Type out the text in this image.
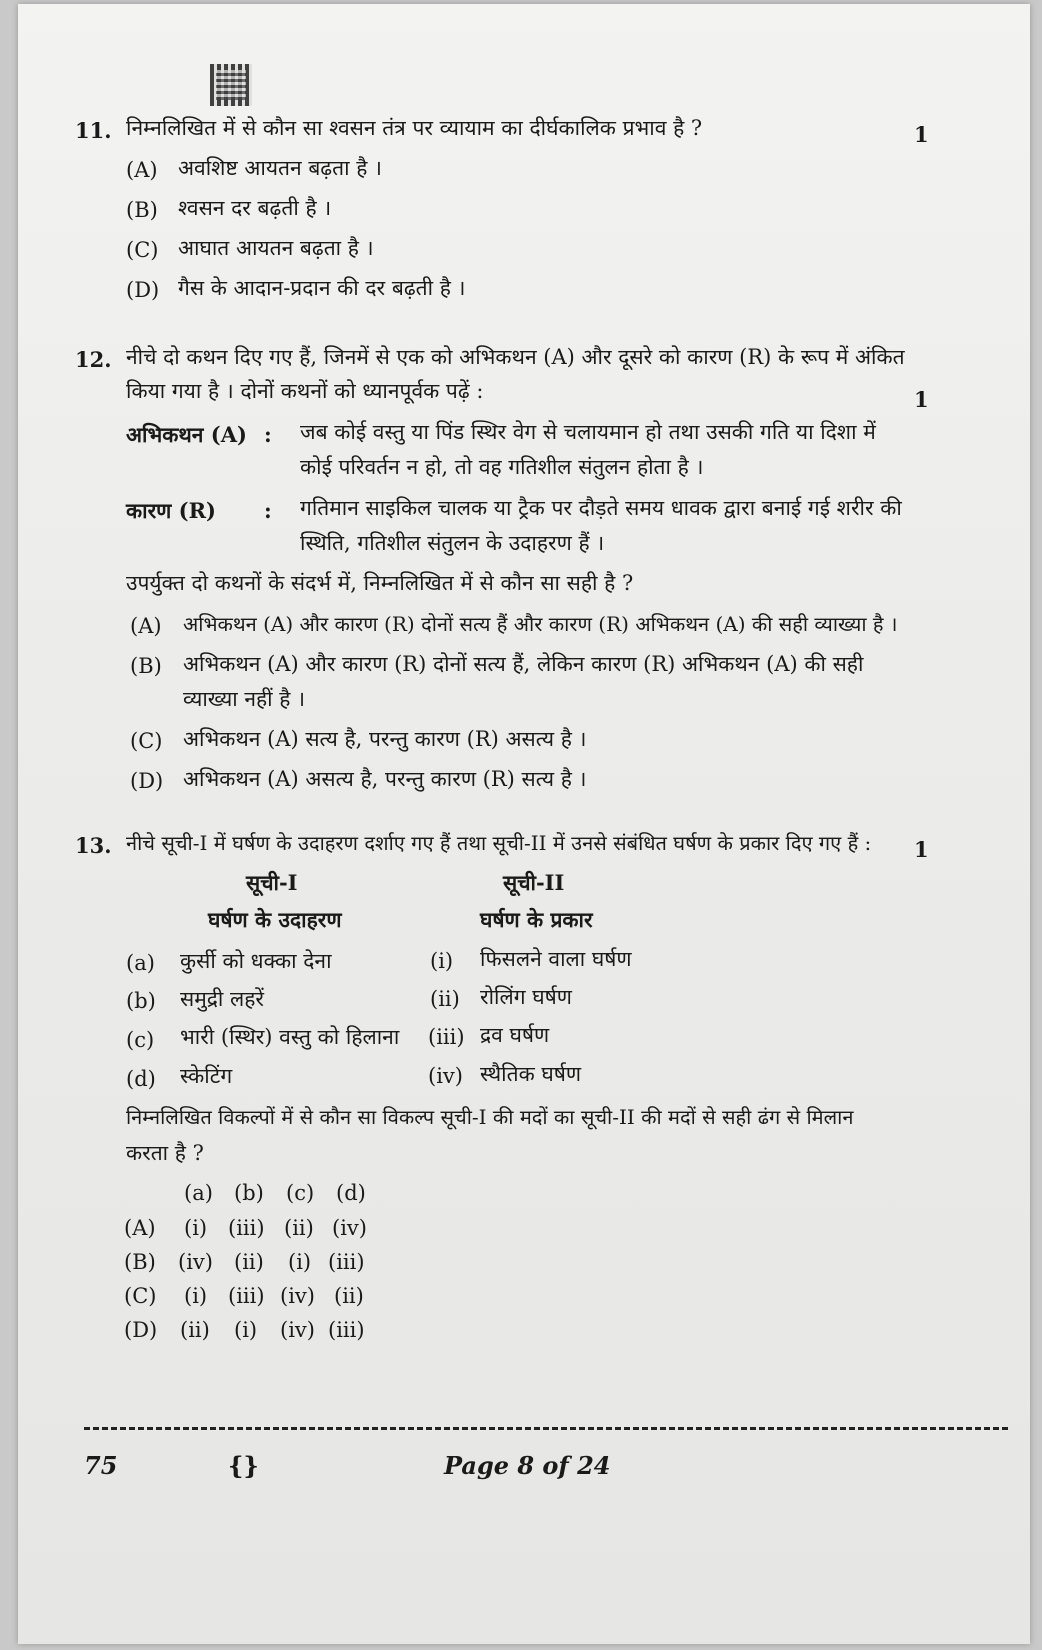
11. निम्नलिखित में से कौन सा श्वसन तंत्र पर व्यायाम का दीर्घकालिक प्रभाव है ?	1
(A) अवशिष्ट आयतन बढ़ता है ।
(B) श्वसन दर बढ़ती है ।
(C) आघात आयतन बढ़ता है ।
(D) गैस के आदान-प्रदान की दर बढ़ती है ।
12. नीचे दो कथन दिए गए हैं, जिनमें से एक को अभिकथन (A) और दूसरे को कारण (R) के रूप में अंकित
किया गया है । दोनों कथनों को ध्यानपूर्वक पढ़ें :	1
अभिकथन (A) : जब कोई वस्तु या पिंड स्थिर वेग से चलायमान हो तथा उसकी गति या दिशा में
कोई परिवर्तन न हो, तो वह गतिशील संतुलन होता है ।
कारण (R) : गतिमान साइकिल चालक या ट्रैक पर दौड़ते समय धावक द्वारा बनाई गई शरीर की
स्थिति, गतिशील संतुलन के उदाहरण हैं ।
उपर्युक्त दो कथनों के संदर्भ में, निम्नलिखित में से कौन सा सही है ?
(A) अभिकथन (A) और कारण (R) दोनों सत्य हैं और कारण (R) अभिकथन (A) की सही व्याख्या है ।
(B) अभिकथन (A) और कारण (R) दोनों सत्य हैं, लेकिन कारण (R) अभिकथन (A) की सही
व्याख्या नहीं है ।
(C) अभिकथन (A) सत्य है, परन्तु कारण (R) असत्य है ।
(D) अभिकथन (A) असत्य है, परन्तु कारण (R) सत्य है ।
13. नीचे सूची-I में घर्षण के उदाहरण दर्शाए गए हैं तथा सूची-II में उनसे संबंधित घर्षण के प्रकार दिए गए हैं : 1
सूची-I
घर्षण के उदाहरण
सूची-II
घर्षण के प्रकार
(a) कुर्सी को धक्का देना	(i) फिसलने वाला घर्षण
(b) समुद्री लहरें	(ii) रोलिंग घर्षण
(c) भारी (स्थिर) वस्तु को हिलाना (iii) द्रव घर्षण
(d) स्केटिंग	(iv) स्थैतिक घर्षण
निम्नलिखित विकल्पों में से कौन सा विकल्प सूची-I की मदों का सूची-II की मदों से सही ढंग से मिलान
करता है ?
(a) (b) (c) (d)
(A) (i) (iii) (ii) (iv)
(B) (iv) (ii) (i) (iii)
(C) (i) (iii) (iv) (ii)
(D) (ii) (i) (iv) (iii)
75	{}	Page 8 of 24
